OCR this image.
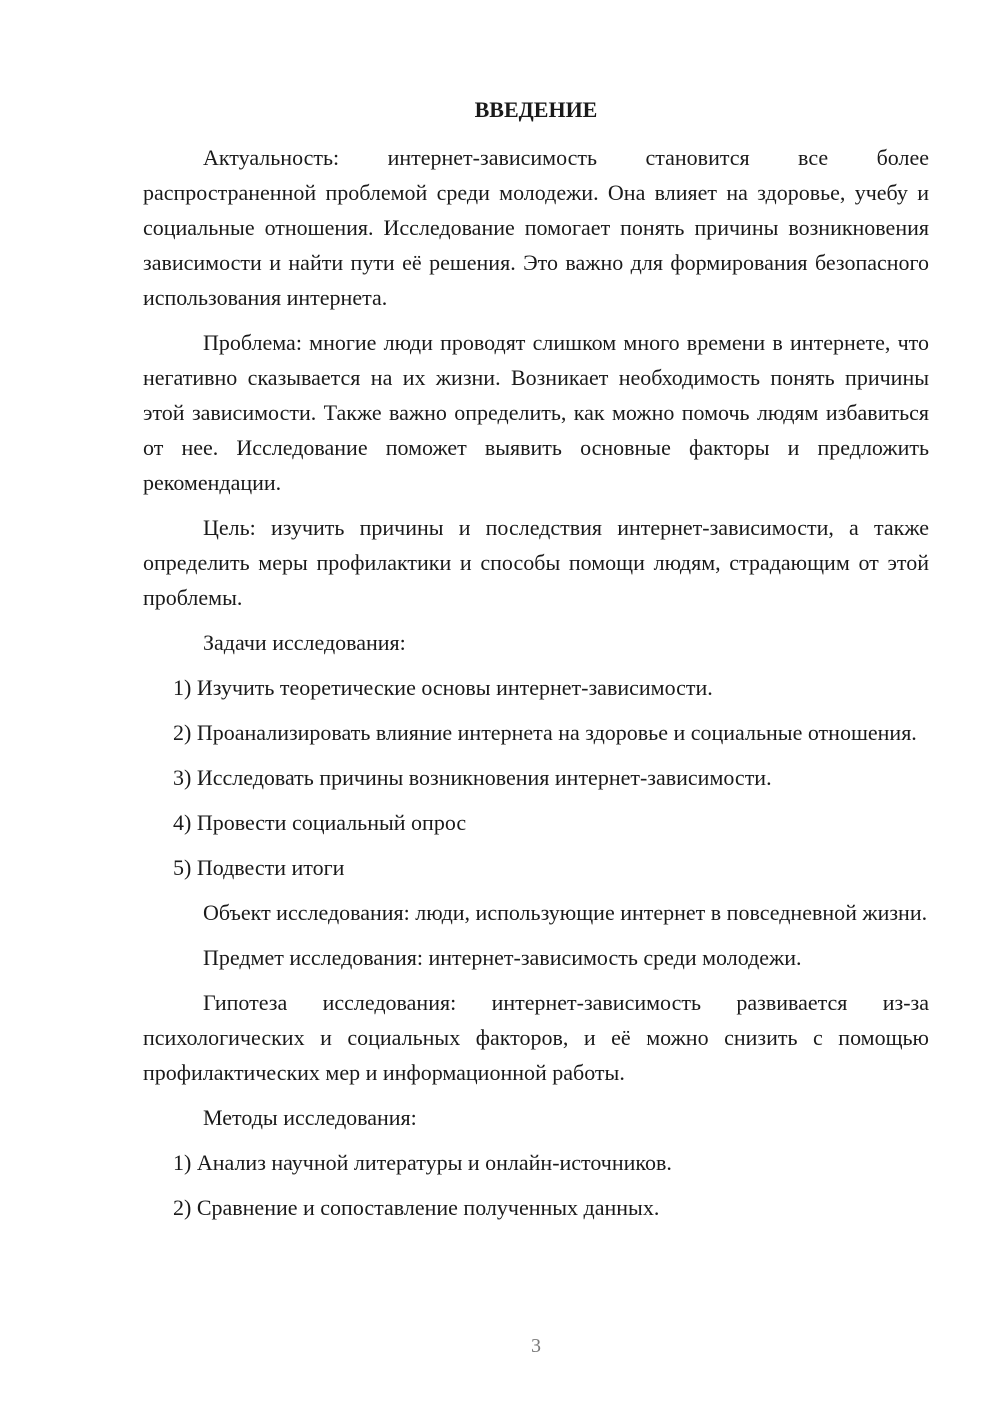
ВВЕДЕНИЕ

Актуальность: интернет-зависимость становится все более распространенной проблемой среди молодежи. Она влияет на здоровье, учебу и социальные отношения. Исследование помогает понять причины возникновения зависимости и найти пути её решения. Это важно для формирования безопасного использования интернета.

Проблема: многие люди проводят слишком много времени в интернете, что негативно сказывается на их жизни. Возникает необходимость понять причины этой зависимости. Также важно определить, как можно помочь людям избавиться от нее. Исследование поможет выявить основные факторы и предложить рекомендации.

Цель: изучить причины и последствия интернет-зависимости, а также определить меры профилактики и способы помощи людям, страдающим от этой проблемы.

Задачи исследования:

1) Изучить теоретические основы интернет-зависимости.

2) Проанализировать влияние интернета на здоровье и социальные отношения.

3) Исследовать причины возникновения интернет-зависимости.

4) Провести социальный опрос

5) Подвести итоги

Объект исследования: люди, использующие интернет в повседневной жизни.

Предмет исследования: интернет-зависимость среди молодежи.

Гипотеза исследования: интернет-зависимость развивается из-за психологических и социальных факторов, и её можно снизить с помощью профилактических мер и информационной работы.

Методы исследования:

1) Анализ научной литературы и онлайн-источников.

2) Сравнение и сопоставление полученных данных.

3
